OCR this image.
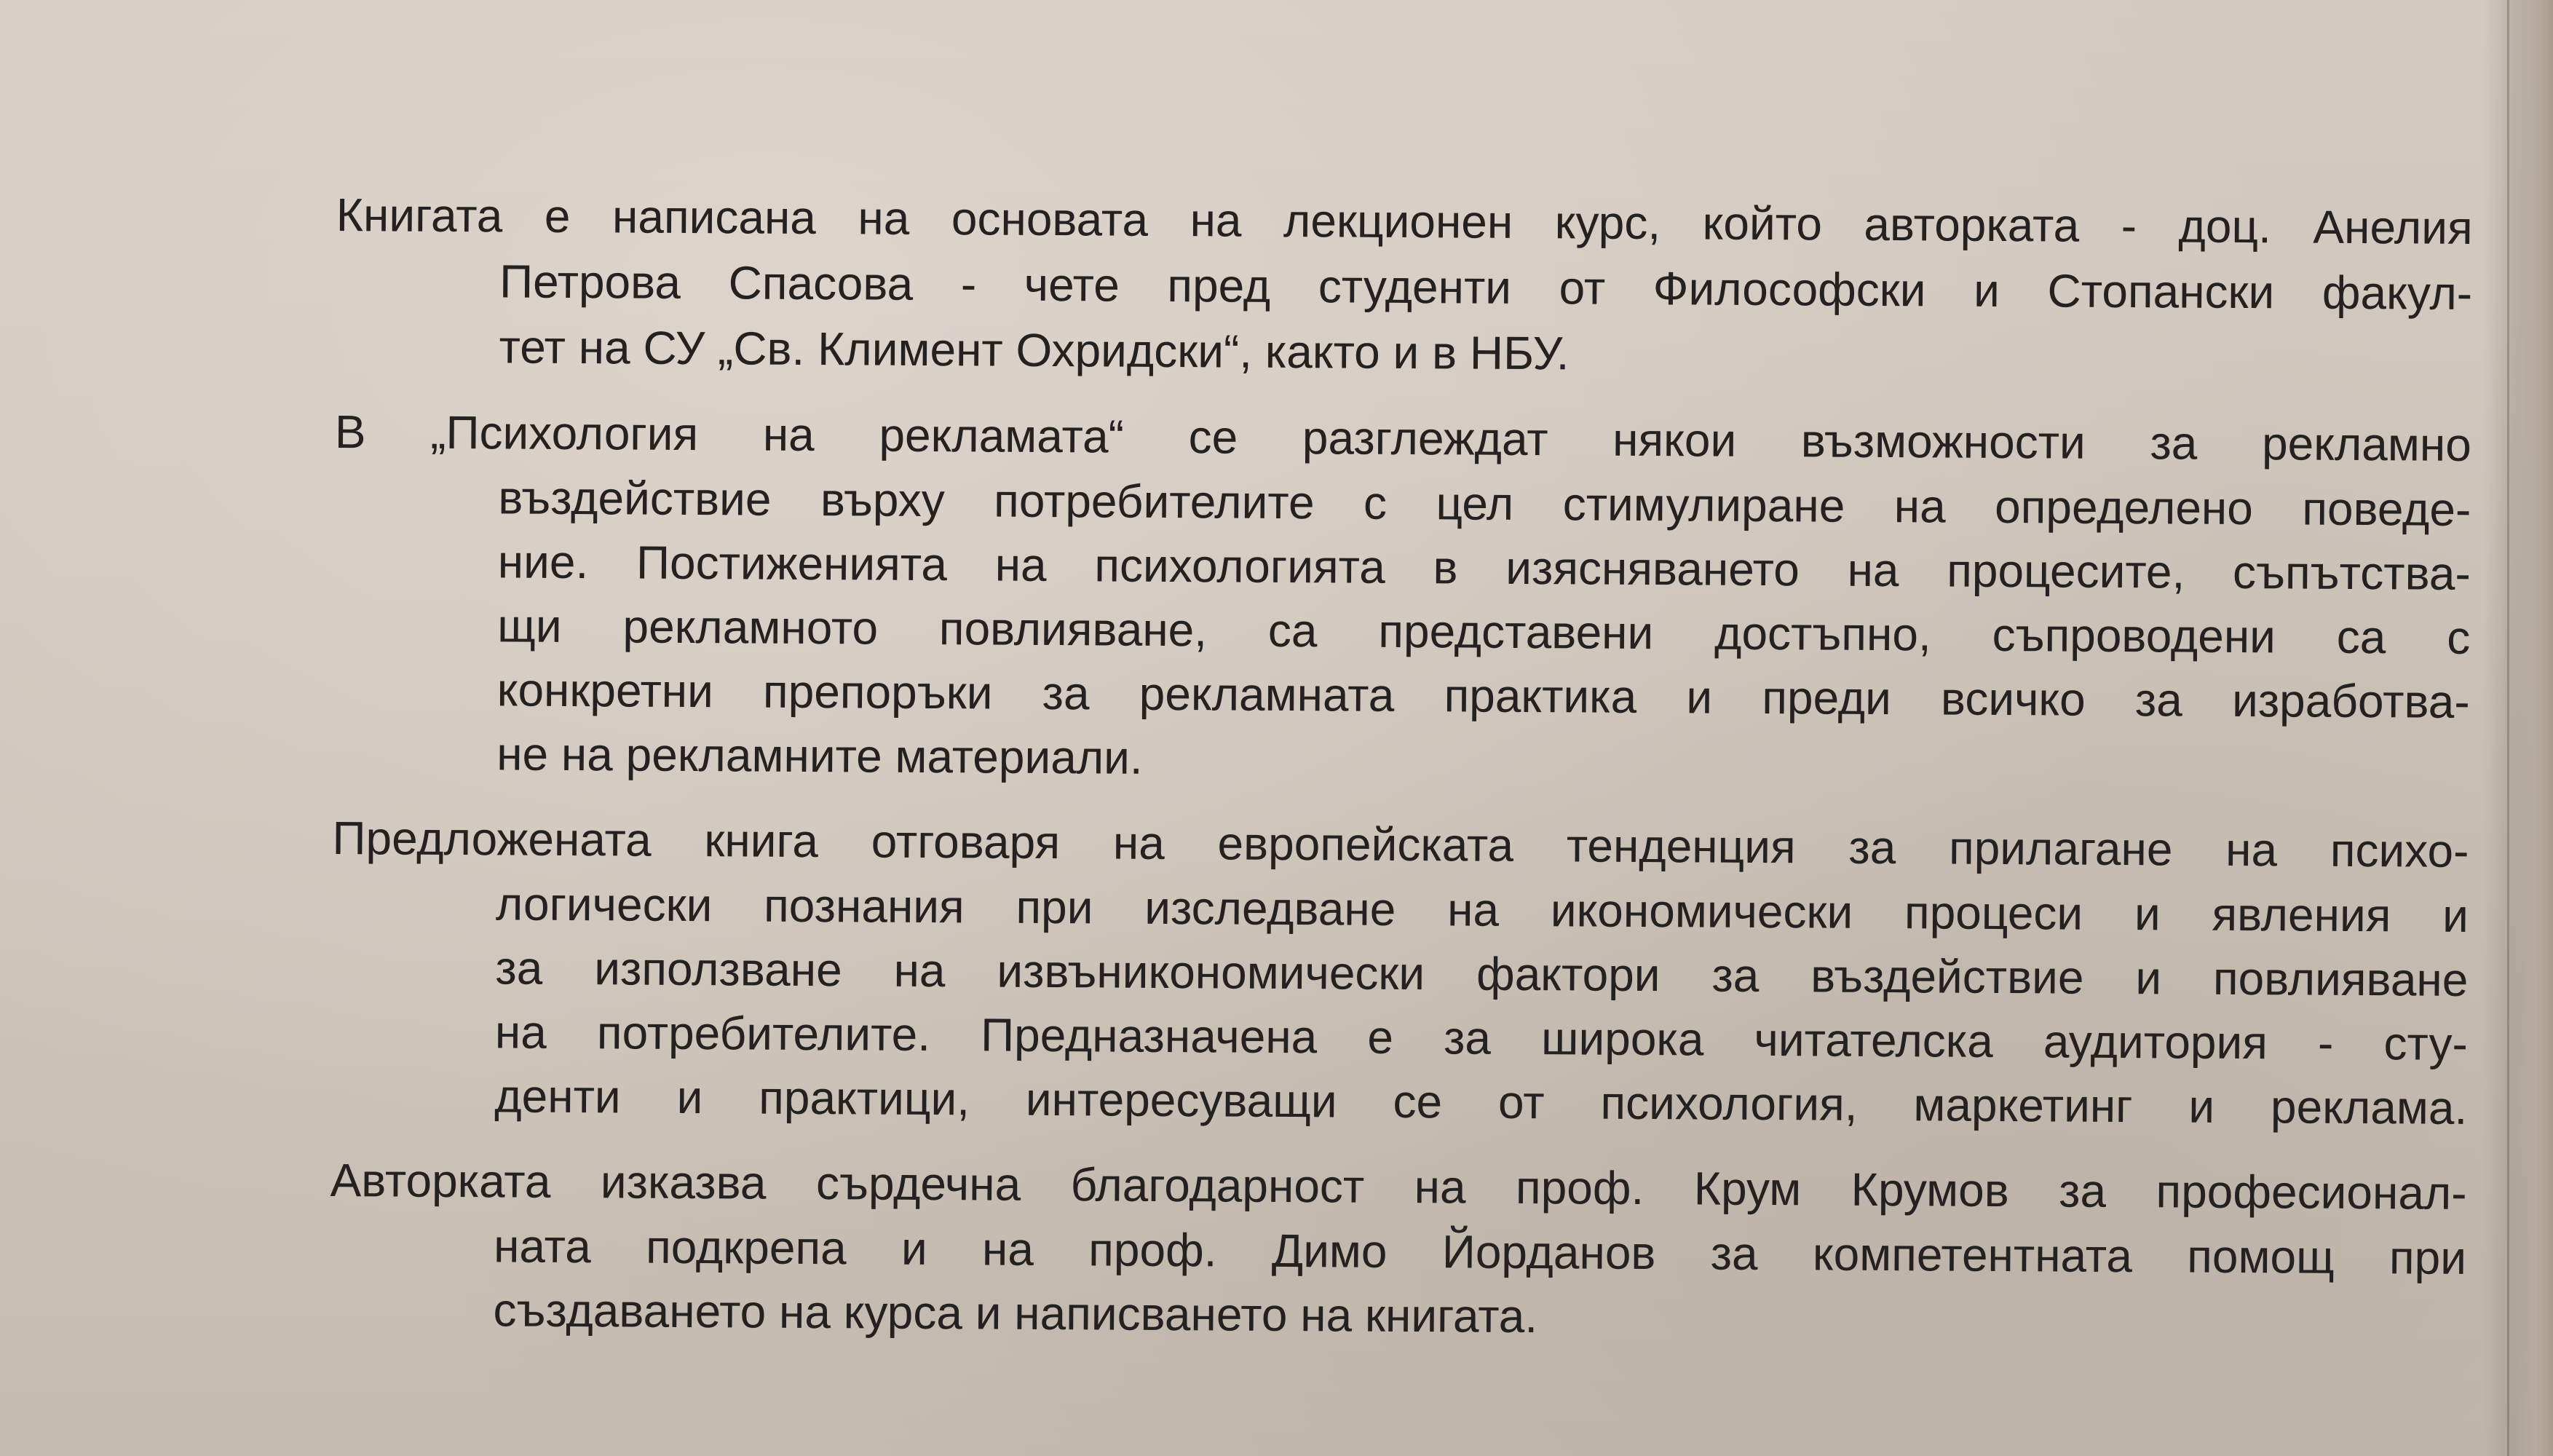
Книгата е написана на основата на лекционен курс, който авторката - доц. Анелия
Петрова Спасова - чете пред студенти от Философски и Стопански факул-
тет на СУ „Св. Климент Охридски“, както и в НБУ.
В „Психология на рекламата“ се разглеждат някои възможности за рекламно
въздействие върху потребителите с цел стимулиране на определено поведе-
ние. Постиженията на психологията в изясняването на процесите, съпътства-
щи рекламното повлияване, са представени достъпно, съпроводени са с
конкретни препоръки за рекламната практика и преди всичко за изработва-
не на рекламните материали.
Предложената книга отговаря на европейската тенденция за прилагане на психо-
логически познания при изследване на икономически процеси и явления и
за използване на извъникономически фактори за въздействие и повлияване
на потребителите. Предназначена е за широка читателска аудитория - сту-
денти и практици, интересуващи се от психология, маркетинг и реклама.
Авторката изказва сърдечна благодарност на проф. Крум Крумов за професионал-
ната подкрепа и на проф. Димо Йорданов за компетентната помощ при
създаването на курса и написването на книгата.
